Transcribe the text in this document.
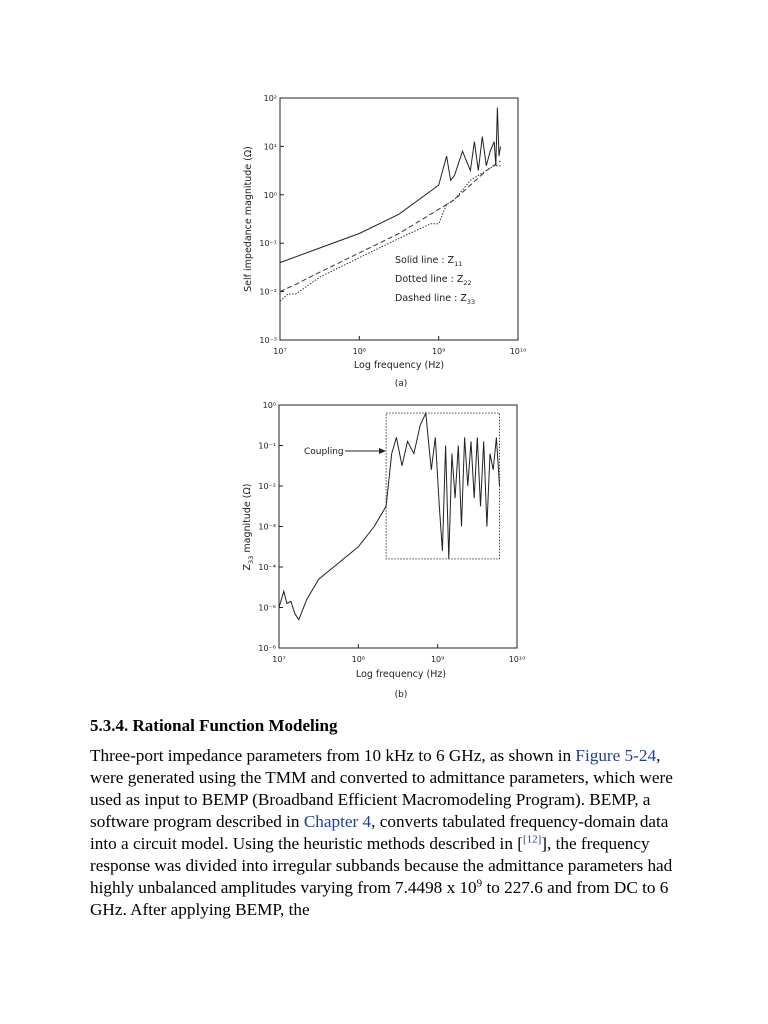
10²
10¹
10⁰
10⁻¹
10⁻²
10⁻³
10⁷	10⁸	10⁹	10¹⁰
Solid line : $Z_{11}$
Dotted line : $Z_{22}$
Dashed line : $Z_{33}$
Log frequency (Hz)
Self impedance magnitude (Ω)
(a)
10⁰
10⁻¹
10⁻²
10⁻³
10⁻⁴
10⁻⁵
10⁻⁶
10⁷	10⁸	10⁹	10¹⁰
Coupling
Log frequency (Hz)
$Z_{33}$ magnitude (Ω)
(b)
5.3.4. Rational Function Modeling

Three-port impedance parameters from 10 kHz to 6 GHz, as shown in Figure 5-24, were generated using the TMM and converted to admittance parameters, which were used as input to BEMP (Broadband Efficient Macromodeling Program). BEMP, a software program described in Chapter 4, converts tabulated frequency-domain data into a circuit model. Using the heuristic methods described in [[12]], the frequency response was divided into irregular subbands because the admittance parameters had highly unbalanced amplitudes varying from 7.4498 x $10^9$ to 227.6 and from DC to 6 GHz. After applying BEMP, the
